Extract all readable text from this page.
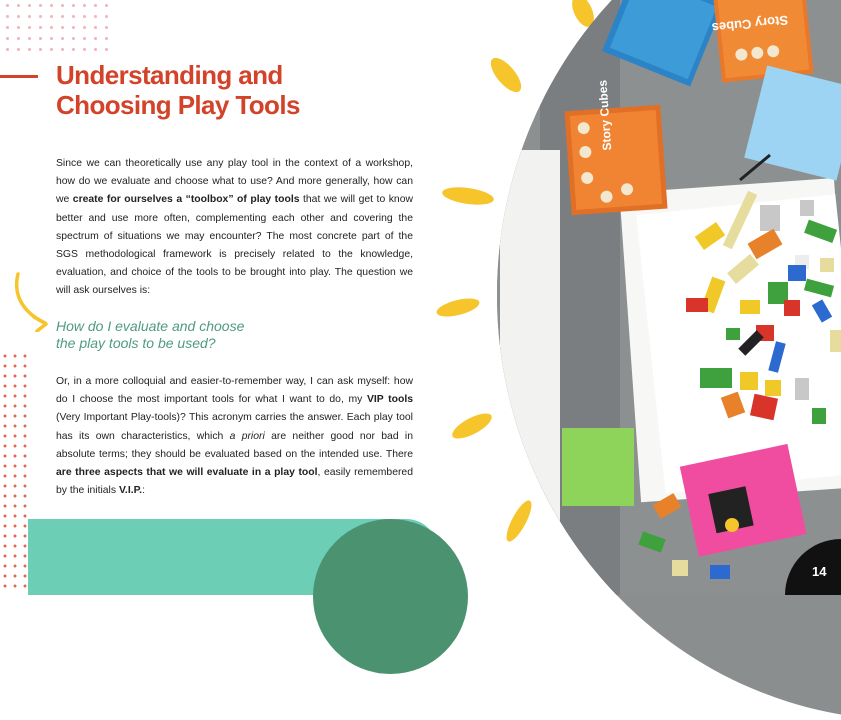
Understanding and
Choosing Play Tools

Since we can theoretically use any play tool in the context of a workshop, how do we evaluate and choose what to use? And more generally, how can we create for ourselves a “toolbox” of play tools that we will get to know better and use more often, complementing each other and covering the spectrum of situations we may encounter? The most concrete part of the SGS methodological framework is precisely related to the knowledge, evaluation, and choice of the tools to be brought into play. The question we will ask ourselves is:

How do I evaluate and choose
the play tools to be used?

Or, in a more colloquial and easier-to-remember way, I can ask myself: how do I choose the most important tools for what I want to do, my VIP tools (Very Important Play-tools)? This acronym carries the answer. Each play tool has its own characteristics, which a priori are neither good nor bad in absolute terms; they should be evaluated based on the intended use. There are three aspects that we will evaluate in a play tool, easily remembered by the initials V.I.P.:

Story Cubes
Story Cubes
14
